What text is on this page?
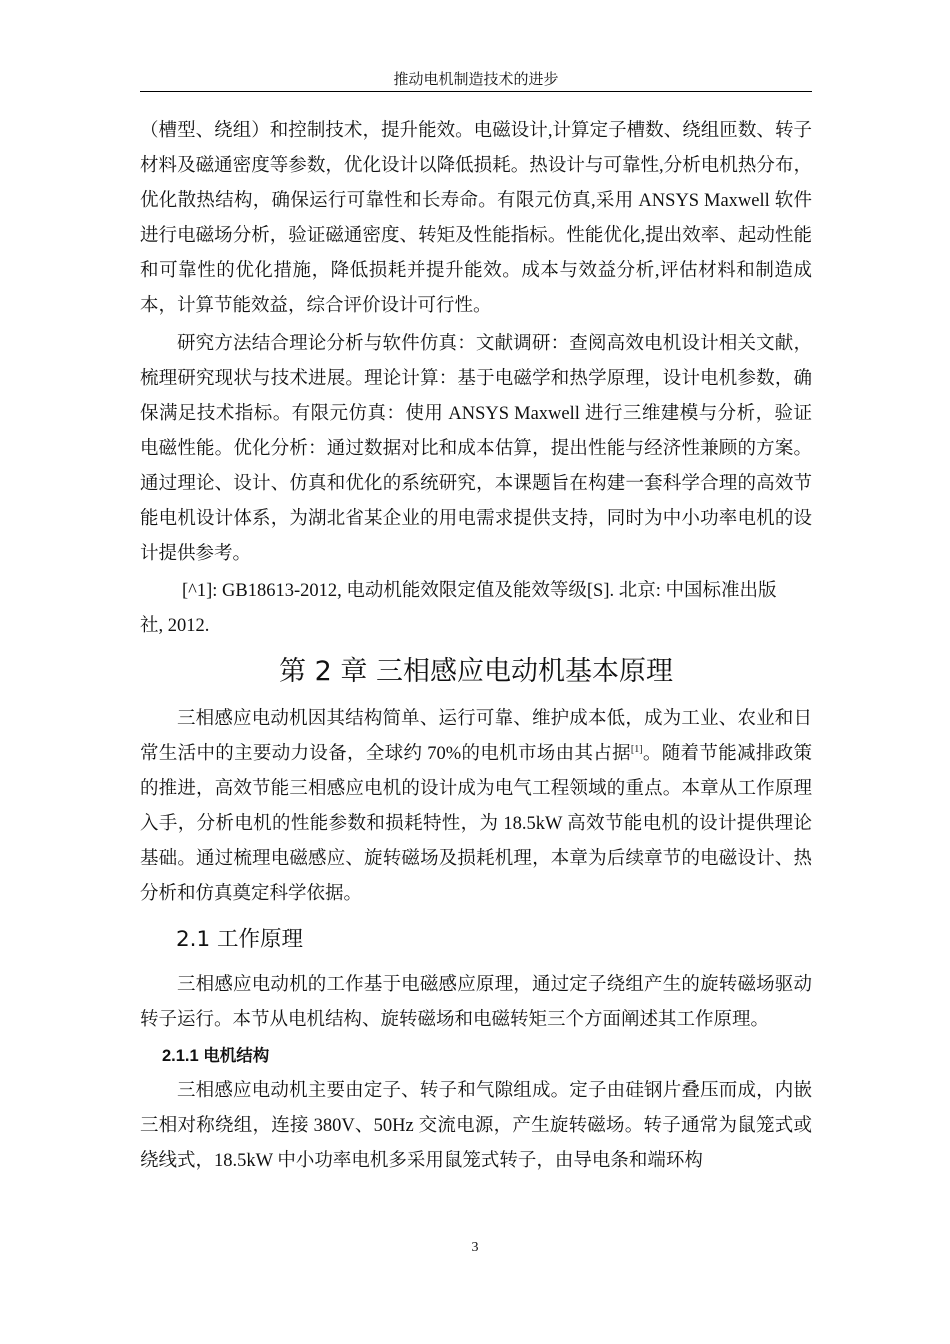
推动电机制造技术的进步

（槽型、绕组）和控制技术，提升能效。电磁设计,计算定子槽数、绕组匝数、转子材料及磁通密度等参数，优化设计以降低损耗。热设计与可靠性,分析电机热分布，优化散热结构，确保运行可靠性和长寿命。有限元仿真,采用 ANSYS Maxwell 软件进行电磁场分析，验证磁通密度、转矩及性能指标。性能优化,提出效率、起动性能和可靠性的优化措施，降低损耗并提升能效。成本与效益分析,评估材料和制造成本，计算节能效益，综合评价设计可行性。

研究方法结合理论分析与软件仿真：文献调研：查阅高效电机设计相关文献，梳理研究现状与技术进展。理论计算：基于电磁学和热学原理，设计电机参数，确保满足技术指标。有限元仿真：使用 ANSYS Maxwell 进行三维建模与分析，验证电磁性能。优化分析：通过数据对比和成本估算，提出性能与经济性兼顾的方案。通过理论、设计、仿真和优化的系统研究，本课题旨在构建一套科学合理的高效节能电机设计体系，为湖北省某企业的用电需求提供支持，同时为中小功率电机的设计提供参考。

[^1]: GB18613-2012, 电动机能效限定值及能效等级[S]. 北京: 中国标准出版

社, 2012.

第 2 章 三相感应电动机基本原理

三相感应电动机因其结构简单、运行可靠、维护成本低，成为工业、农业和日常生活中的主要动力设备，全球约 70%的电机市场由其占据[1]。随着节能减排政策的推进，高效节能三相感应电机的设计成为电气工程领域的重点。本章从工作原理入手，分析电机的性能参数和损耗特性，为 18.5kW 高效节能电机的设计提供理论基础。通过梳理电磁感应、旋转磁场及损耗机理，本章为后续章节的电磁设计、热分析和仿真奠定科学依据。

2.1 工作原理

三相感应电动机的工作基于电磁感应原理，通过定子绕组产生的旋转磁场驱动转子运行。本节从电机结构、旋转磁场和电磁转矩三个方面阐述其工作原理。

2.1.1 电机结构

三相感应电动机主要由定子、转子和气隙组成。定子由硅钢片叠压而成，内嵌三相对称绕组，连接 380V、50Hz 交流电源，产生旋转磁场。转子通常为鼠笼式或绕线式，18.5kW 中小功率电机多采用鼠笼式转子，由导电条和端环构

3
